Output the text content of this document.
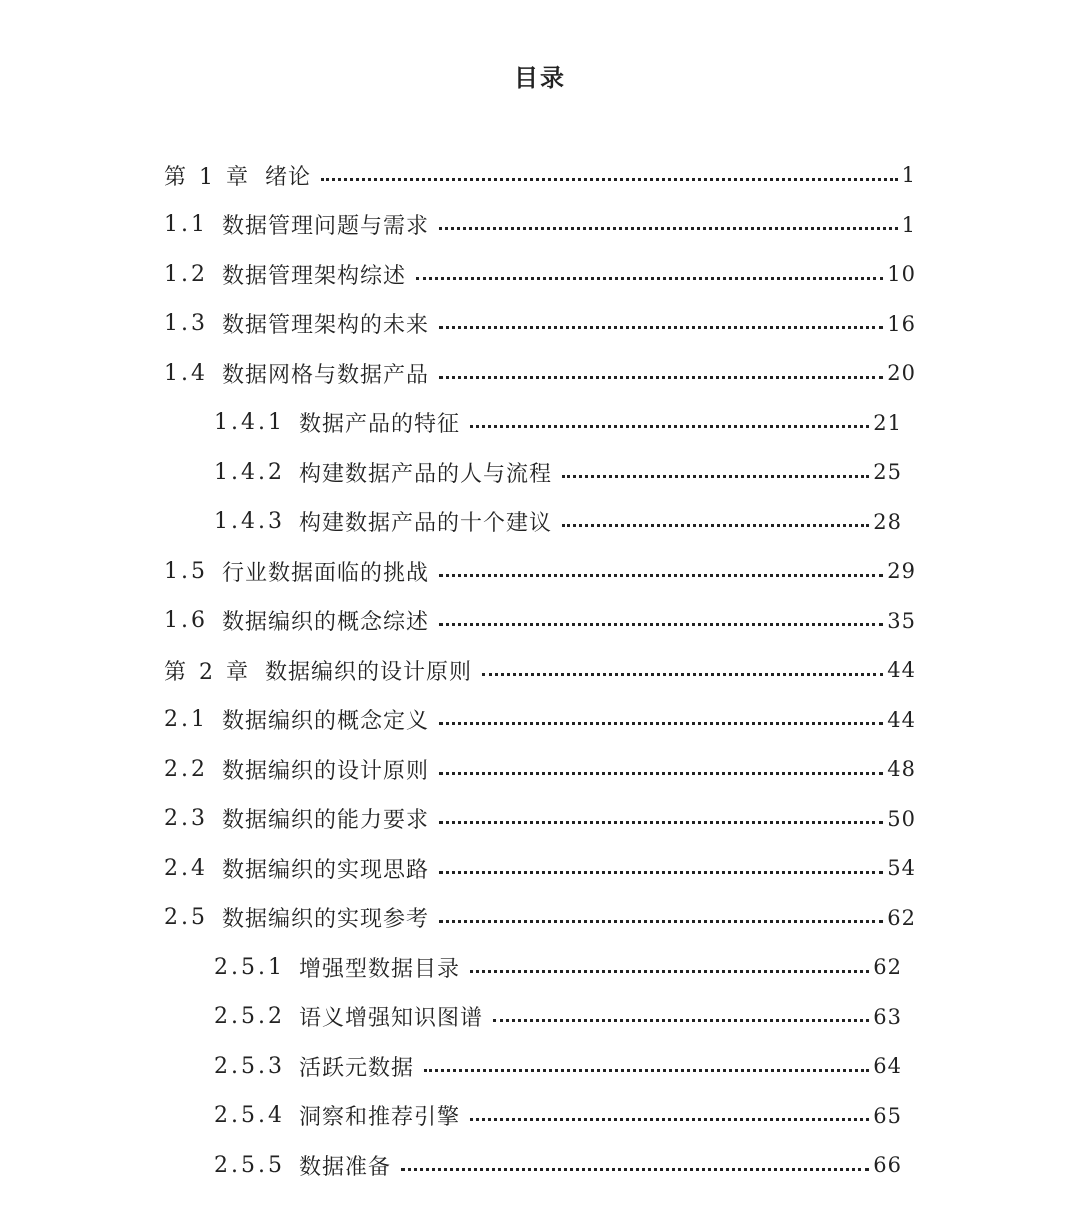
目录
第 1 章 绪论	1
1.1 数据管理问题与需求	1
1.2 数据管理架构综述	10
1.3 数据管理架构的未来	16
1.4 数据网格与数据产品	20
1.4.1 数据产品的特征	21
1.4.2 构建数据产品的人与流程	25
1.4.3 构建数据产品的十个建议	28
1.5 行业数据面临的挑战	29
1.6 数据编织的概念综述	35
第 2 章 数据编织的设计原则	44
2.1 数据编织的概念定义	44
2.2 数据编织的设计原则	48
2.3 数据编织的能力要求	50
2.4 数据编织的实现思路	54
2.5 数据编织的实现参考	62
2.5.1 增强型数据目录	62
2.5.2 语义增强知识图谱	63
2.5.3 活跃元数据	64
2.5.4 洞察和推荐引擎	65
2.5.5 数据准备	66
